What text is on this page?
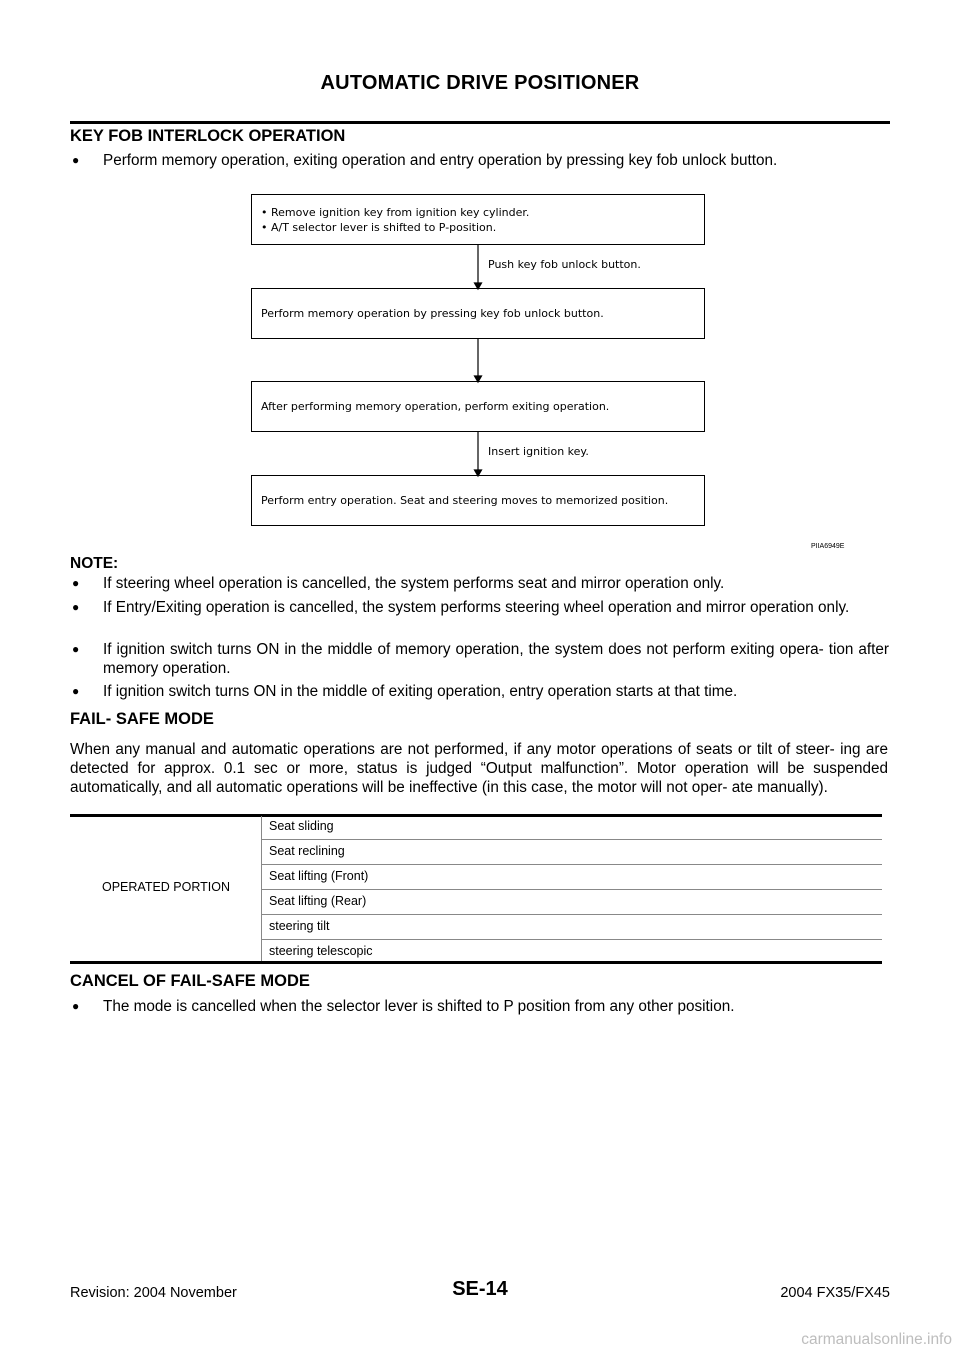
AUTOMATIC DRIVE POSITIONER
KEY FOB INTERLOCK OPERATION
● Perform memory operation, exiting operation and entry operation by pressing key fob unlock button.
• Remove ignition key from ignition key cylinder.
• A/T selector lever is shifted to P-position.
Push key fob unlock button.
Perform memory operation by pressing key fob unlock button.
After performing memory operation, perform exiting operation.
Insert ignition key.
Perform entry operation. Seat and steering moves to memorized position.
PIIA6949E
NOTE:
● If steering wheel operation is cancelled, the system performs seat and mirror operation only.
● If Entry/Exiting operation is cancelled, the system performs steering wheel operation and mirror operation only.
● If ignition switch turns ON in the middle of memory operation, the system does not perform exiting opera- tion after memory operation.
● If ignition switch turns ON in the middle of exiting operation, entry operation starts at that time.
FAIL- SAFE MODE
When any manual and automatic operations are not performed, if any motor operations of seats or tilt of steer- ing are detected for approx. 0.1 sec or more, status is judged “Output malfunction”. Motor operation will be suspended automatically, and all automatic operations will be ineffective (in this case, the motor will not oper- ate manually).
OPERATED PORTION
Seat sliding
Seat reclining
Seat lifting (Front)
Seat lifting (Rear)
steering tilt
steering telescopic
CANCEL OF FAIL-SAFE MODE
● The mode is cancelled when the selector lever is shifted to P position from any other position.
Revision: 2004 November	SE-14	2004 FX35/FX45
carmanualsonline.info
